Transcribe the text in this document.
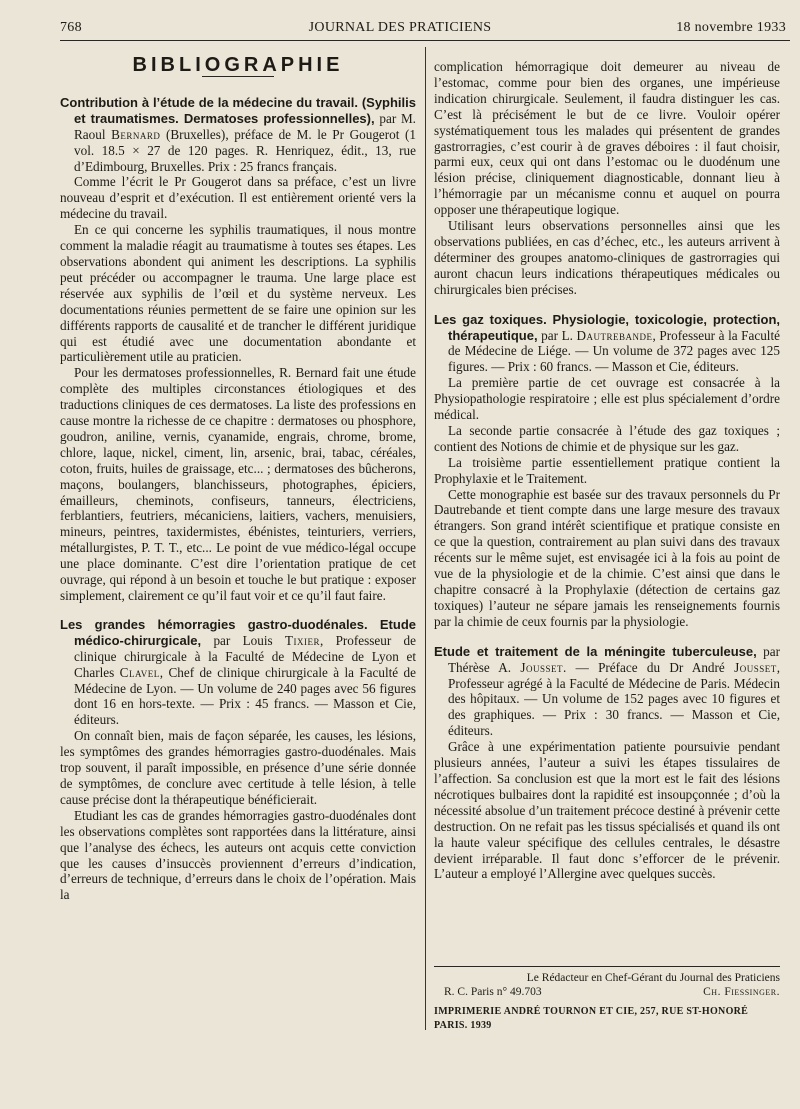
768	JOURNAL DES PRATICIENS	18 novembre 1933
BIBLIOGRAPHIE

Contribution à l’étude de la médecine du travail. (Syphilis et traumatismes. Dermatoses professionnelles), par M. Raoul Bernard (Bruxelles), préface de M. le Pr Gougerot (1 vol. 18.5 × 27 de 120 pages. R. Henriquez, édit., 13, rue d’Edimbourg, Bruxelles. Prix : 25 francs français.

Comme l’écrit le Pr Gougerot dans sa préface, c’est un livre nouveau d’esprit et d’exécution. Il est entièrement orienté vers la médecine du travail.

En ce qui concerne les syphilis traumatiques, il nous montre comment la maladie réagit au traumatisme à toutes ses étapes. Les observations abondent qui animent les descriptions. La syphilis peut précéder ou accompagner le trauma. Une large place est réservée aux syphilis de l’œil et du système nerveux. Les documentations réunies permettent de se faire une opinion sur les différents rapports de causalité et de trancher le différent juridique qui est étudié avec une documentation abondante et particulièrement utile au praticien.

Pour les dermatoses professionnelles, R. Bernard fait une étude complète des multiples circonstances étiologiques et des traductions cliniques de ces dermatoses. La liste des professions en cause montre la richesse de ce chapitre : dermatoses ou phosphore, goudron, aniline, vernis, cyanamide, engrais, chrome, brome, chlore, laque, nickel, ciment, lin, arsenic, brai, tabac, céréales, coton, fruits, huiles de graissage, etc... ; dermatoses des bûcherons, maçons, boulangers, blanchisseurs, photographes, épiciers, émailleurs, cheminots, confiseurs, tanneurs, électriciens, ferblantiers, feutriers, mécaniciens, laitiers, vachers, menuisiers, mineurs, peintres, taxidermistes, ébénistes, teinturiers, verriers, métallurgistes, P. T. T., etc... Le point de vue médico-légal occupe une place dominante. C’est dire l’orientation pratique de cet ouvrage, qui répond à un besoin et touche le but pratique : exposer simplement, clairement ce qu’il faut voir et ce qu’il faut faire.

Les grandes hémorragies gastro-duodénales. Etude médico-chirurgicale, par Louis Tixier, Professeur de clinique chirurgicale à la Faculté de Médecine de Lyon et Charles Clavel, Chef de clinique chirurgicale à la Faculté de Médecine de Lyon. — Un volume de 240 pages avec 56 figures dont 16 en hors-texte. — Prix : 45 francs. — Masson et Cie, éditeurs.

On connaît bien, mais de façon séparée, les causes, les lésions, les symptômes des grandes hémorragies gastro-duodénales. Mais trop souvent, il paraît impossible, en présence d’une série donnée de symptômes, de conclure avec certitude à telle lésion, à telle cause précise dont la thérapeutique bénéficierait.

Etudiant les cas de grandes hémorragies gastro-duodénales dont les observations complètes sont rapportées dans la littérature, ainsi que l’analyse des échecs, les auteurs ont acquis cette conviction que les causes d’insuccès proviennent d’erreurs d’indication, d’erreurs de technique, d’erreurs dans le choix de l’opération. Mais la

complication hémorragique doit demeurer au niveau de l’estomac, comme pour bien des organes, une impérieuse indication chirurgicale. Seulement, il faudra distinguer les cas. C’est là précisément le but de ce livre. Vouloir opérer systématiquement tous les malades qui présentent de grandes gastrorragies, c’est courir à de graves déboires : il faut choisir, parmi eux, ceux qui ont dans l’estomac ou le duodénum une lésion précise, cliniquement diagnosticable, donnant lieu à l’hémorragie par un mécanisme connu et auquel on pourra opposer une thérapeutique logique.

Utilisant leurs observations personnelles ainsi que les observations publiées, en cas d’échec, etc., les auteurs arrivent à déterminer des groupes anatomo-cliniques de gastrorragies qui auront chacun leurs indications thérapeutiques médicales ou chirurgicales bien précises.

Les gaz toxiques. Physiologie, toxicologie, protection, thérapeutique, par L. Dautrebande, Professeur à la Faculté de Médecine de Liége. — Un volume de 372 pages avec 125 figures. — Prix : 60 francs. — Masson et Cie, éditeurs.

La première partie de cet ouvrage est consacrée à la Physiopathologie respiratoire ; elle est plus spécialement d’ordre médical.

La seconde partie consacrée à l’étude des gaz toxiques ; contient des Notions de chimie et de physique sur les gaz.

La troisième partie essentiellement pratique contient la Prophylaxie et le Traitement.

Cette monographie est basée sur des travaux personnels du Pr Dautrebande et tient compte dans une large mesure des travaux étrangers. Son grand intérêt scientifique et pratique consiste en ce que la question, contrairement au plan suivi dans des travaux récents sur le même sujet, est envisagée ici à la fois au point de vue de la physiologie et de la chimie. C’est ainsi que dans le chapitre consacré à la Prophylaxie (détection de certains gaz toxiques) l’auteur ne sépare jamais les renseignements fournis par la chimie de ceux fournis par la physiologie.

Etude et traitement de la méningite tuberculeuse, par Thérèse A. Jousset. — Préface du Dr André Jousset, Professeur agrégé à la Faculté de Médecine de Paris. Médecin des hôpitaux. — Un volume de 152 pages avec 10 figures et des graphiques. — Prix : 30 francs. — Masson et Cie, éditeurs.

Grâce à une expérimentation patiente poursuivie pendant plusieurs années, l’auteur a suivi les étapes tissulaires de l’affection. Sa conclusion est que la mort est le fait des lésions nécrotiques bulbaires dont la rapidité est insoupçonnée ; d’où la nécessité absolue d’un traitement précoce destiné à prévenir cette destruction. On ne refait pas les tissus spécialisés et quand ils ont la haute valeur spécifique des cellules centrales, le désastre devient irréparable. Il faut donc s’efforcer de le prévenir. L’auteur a employé l’Allergine avec quelques succès.

Le Rédacteur en Chef-Gérant du Journal des Praticiens
R. C. Paris n° 49.703	Ch. Fiessinger.
IMPRIMERIE ANDRÉ TOURNON ET CIE, 257, RUE ST-HONORÉ PARIS. 1939
